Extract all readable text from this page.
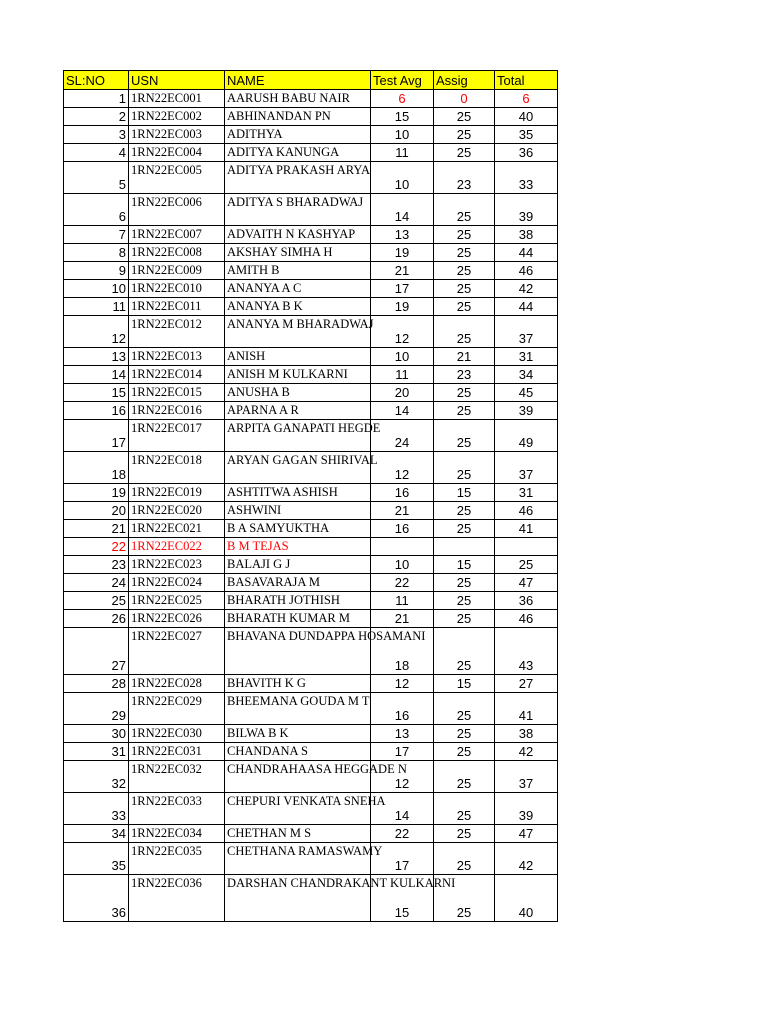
SL:NO	USN	NAME	Test Avg	Assig	Total
1	1RN22EC001	AARUSH BABU NAIR	6	0	6
2	1RN22EC002	ABHINANDAN PN	15	25	40
3	1RN22EC003	ADITHYA	10	25	35
4	1RN22EC004	ADITYA KANUNGA	11	25	36
5	1RN22EC005	ADITYA PRAKASH ARYA	10	23	33
6	1RN22EC006	ADITYA S BHARADWAJ	14	25	39
7	1RN22EC007	ADVAITH N KASHYAP	13	25	38
8	1RN22EC008	AKSHAY SIMHA H	19	25	44
9	1RN22EC009	AMITH B	21	25	46
10	1RN22EC010	ANANYA A C	17	25	42
11	1RN22EC011	ANANYA B K	19	25	44
12	1RN22EC012	ANANYA M BHARADWAJ	12	25	37
13	1RN22EC013	ANISH	10	21	31
14	1RN22EC014	ANISH M KULKARNI	11	23	34
15	1RN22EC015	ANUSHA B	20	25	45
16	1RN22EC016	APARNA A R	14	25	39
17	1RN22EC017	ARPITA GANAPATI HEGDE	24	25	49
18	1RN22EC018	ARYAN GAGAN SHIRIVAL	12	25	37
19	1RN22EC019	ASHTITWA ASHISH	16	15	31
20	1RN22EC020	ASHWINI	21	25	46
21	1RN22EC021	B A SAMYUKTHA	16	25	41
22	1RN22EC022	B M TEJAS			
23	1RN22EC023	BALAJI G J	10	15	25
24	1RN22EC024	BASAVARAJA M	22	25	47
25	1RN22EC025	BHARATH JOTHISH	11	25	36
26	1RN22EC026	BHARATH KUMAR M	21	25	46
27	1RN22EC027	BHAVANA DUNDAPPA HOSAMANI	18	25	43
28	1RN22EC028	BHAVITH K G	12	15	27
29	1RN22EC029	BHEEMANA GOUDA M T	16	25	41
30	1RN22EC030	BILWA B K	13	25	38
31	1RN22EC031	CHANDANA S	17	25	42
32	1RN22EC032	CHANDRAHAASA HEGGADE N	12	25	37
33	1RN22EC033	CHEPURI VENKATA SNEHA	14	25	39
34	1RN22EC034	CHETHAN M S	22	25	47
35	1RN22EC035	CHETHANA RAMASWAMY	17	25	42
36	1RN22EC036	DARSHAN CHANDRAKANT KULKARNI	15	25	40
